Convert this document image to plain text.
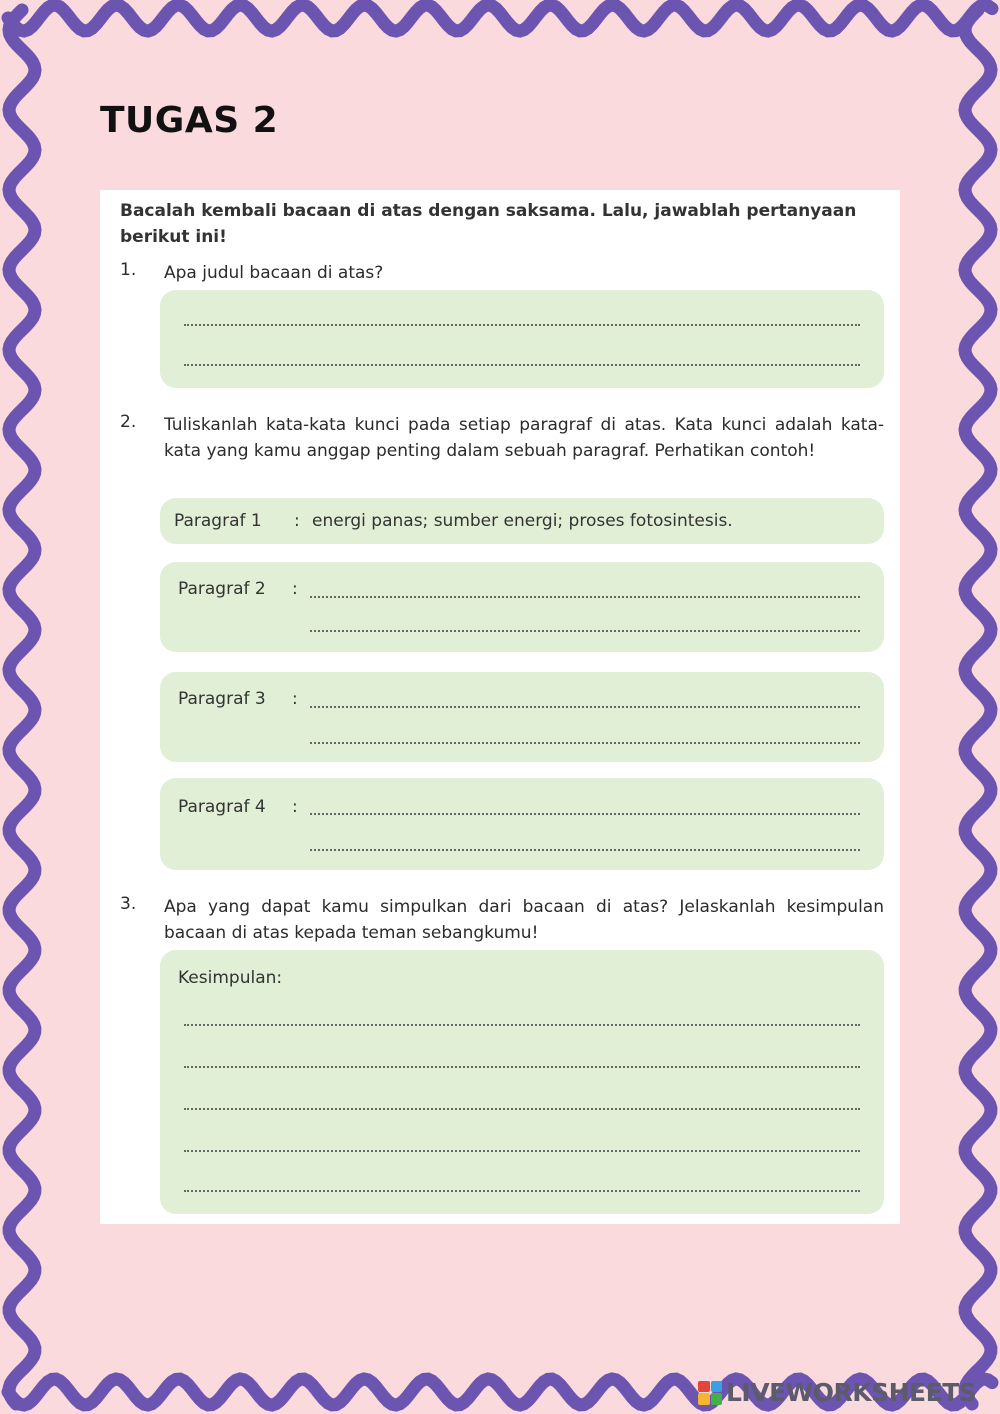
TUGAS 2
Bacalah kembali bacaan di atas dengan saksama. Lalu, jawablah pertanyaan berikut ini!
1. Apa judul bacaan di atas?
2. Tuliskanlah kata-kata kunci pada setiap paragraf di atas. Kata kunci adalah kata-kata yang kamu anggap penting dalam sebuah paragraf. Perhatikan contoh!
Paragraf 1 : energi panas; sumber energi; proses fotosintesis.
Paragraf 2 :
Paragraf 3 :
Paragraf 4 :
3. Apa yang dapat kamu simpulkan dari bacaan di atas? Jelaskanlah kesimpulan bacaan di atas kepada teman sebangkumu!
Kesimpulan:
LIVEWORKSHEETS
